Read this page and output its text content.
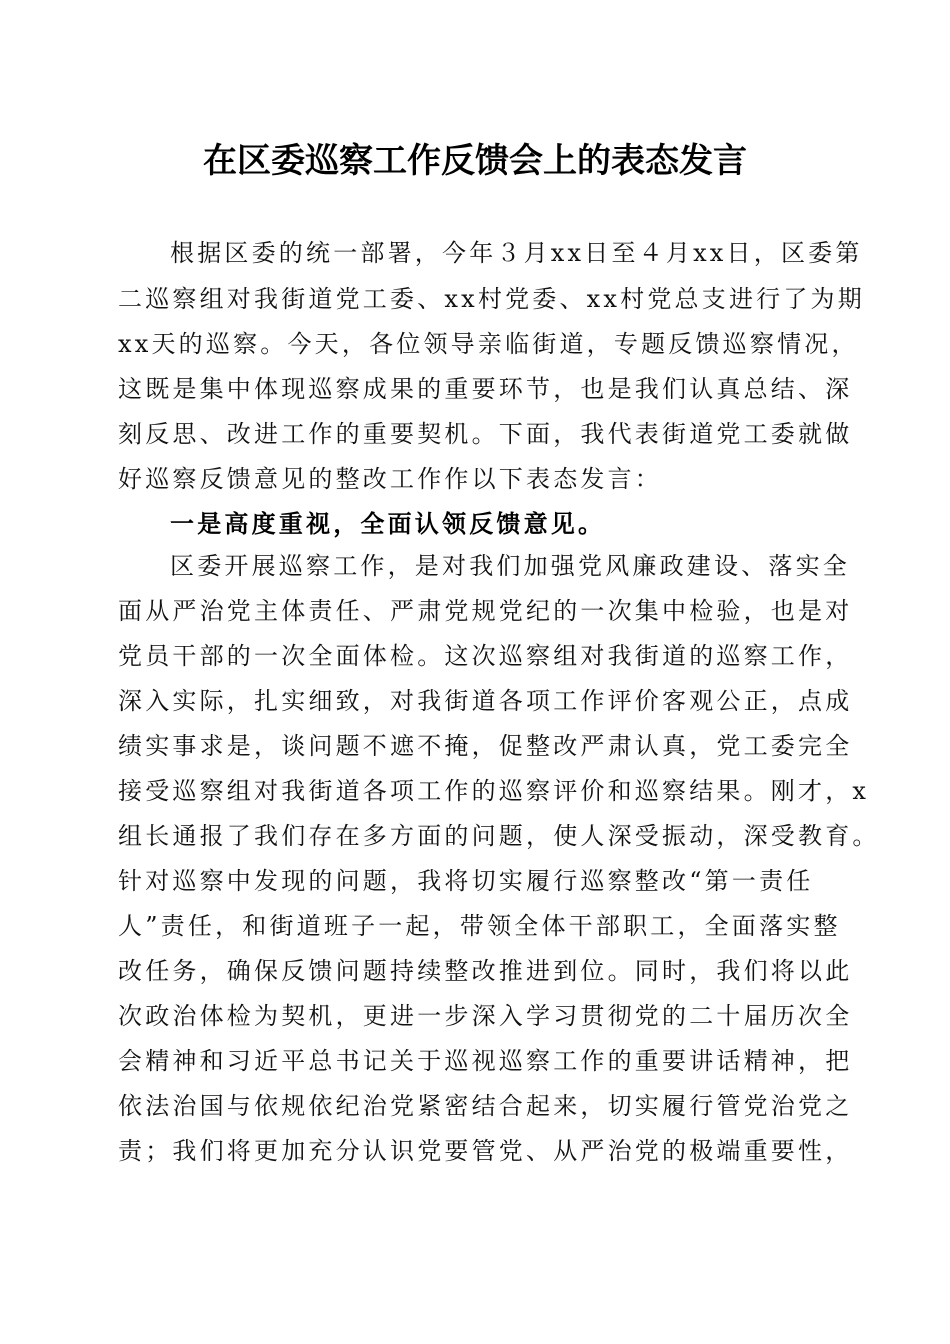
在区委巡察工作反馈会上的表态发言
根据区委的统一部署，今年３月xx日至４月xx日，区委第
二巡察组对我街道党工委、xx村党委、xx村党总支进行了为期
xx天的巡察。今天，各位领导亲临街道，专题反馈巡察情况，
这既是集中体现巡察成果的重要环节，也是我们认真总结、深
刻反思、改进工作的重要契机。下面，我代表街道党工委就做
好巡察反馈意见的整改工作作以下表态发言：
一是高度重视，全面认领反馈意见。
区委开展巡察工作，是对我们加强党风廉政建设、落实全
面从严治党主体责任、严肃党规党纪的一次集中检验，也是对
党员干部的一次全面体检。这次巡察组对我街道的巡察工作，
深入实际，扎实细致，对我街道各项工作评价客观公正，点成
绩实事求是，谈问题不遮不掩，促整改严肃认真，党工委完全
接受巡察组对我街道各项工作的巡察评价和巡察结果。刚才，x
组长通报了我们存在多方面的问题，使人深受振动，深受教育。
针对巡察中发现的问题，我将切实履行巡察整改“第一责任
人”责任，和街道班子一起，带领全体干部职工，全面落实整
改任务，确保反馈问题持续整改推进到位。同时，我们将以此
次政治体检为契机，更进一步深入学习贯彻党的二十届历次全
会精神和习近平总书记关于巡视巡察工作的重要讲话精神，把
依法治国与依规依纪治党紧密结合起来，切实履行管党治党之
责；我们将更加充分认识党要管党、从严治党的极端重要性，
